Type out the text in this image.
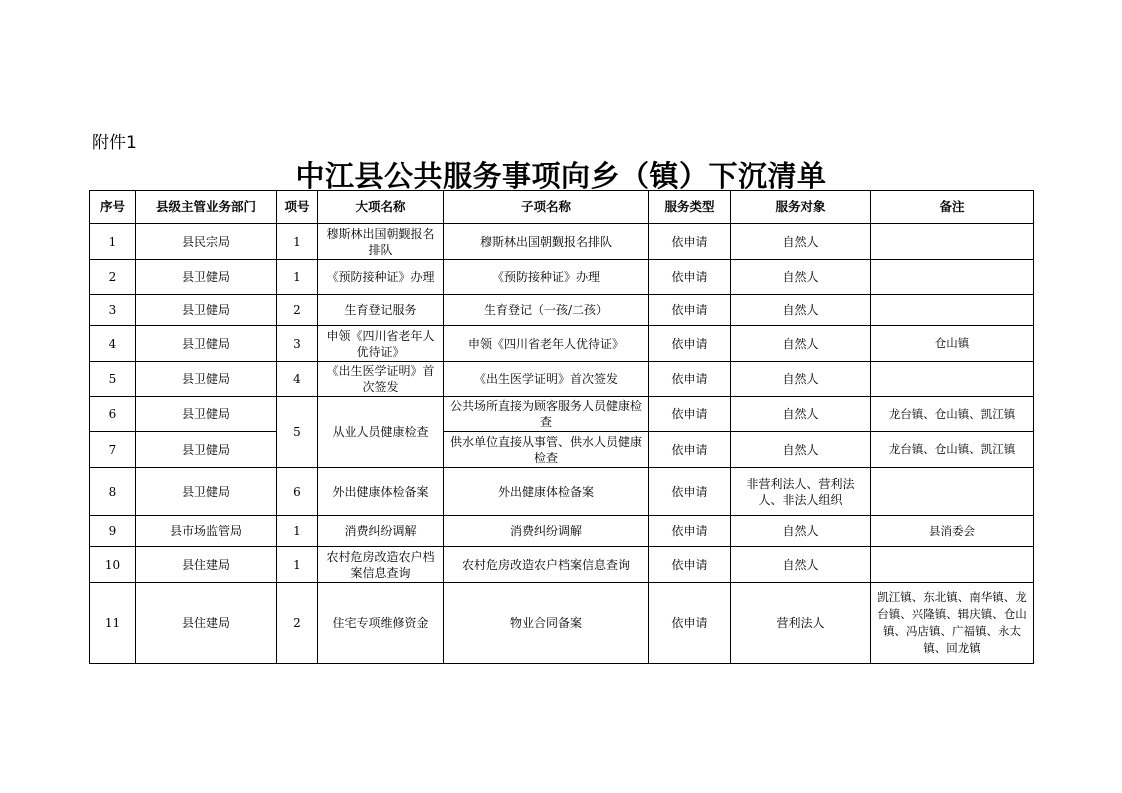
附件1
中江县公共服务事项向乡（镇）下沉清单
序号	县级主管业务部门	项号	大项名称	子项名称	服务类型	服务对象	备注
1	县民宗局	1	穆斯林出国朝觐报名排队	穆斯林出国朝觐报名排队	依申请	自然人	
2	县卫健局	1	《预防接种证》办理	《预防接种证》办理	依申请	自然人	
3	县卫健局	2	生育登记服务	生育登记（一孩/二孩）	依申请	自然人	
4	县卫健局	3	申领《四川省老年人优待证》	申领《四川省老年人优待证》	依申请	自然人	仓山镇
5	县卫健局	4	《出生医学证明》首次签发	《出生医学证明》首次签发	依申请	自然人	
6	县卫健局	5	从业人员健康检查	公共场所直接为顾客服务人员健康检查	依申请	自然人	龙台镇、仓山镇、凯江镇
7	县卫健局			供水单位直接从事管、供水人员健康检查	依申请	自然人	龙台镇、仓山镇、凯江镇
8	县卫健局	6	外出健康体检备案	外出健康体检备案	依申请	非营利法人、营利法人、非法人组织	
9	县市场监管局	1	消费纠纷调解	消费纠纷调解	依申请	自然人	县消委会
10	县住建局	1	农村危房改造农户档案信息查询	农村危房改造农户档案信息查询	依申请	自然人	
11	县住建局	2	住宅专项维修资金	物业合同备案	依申请	营利法人	凯江镇、东北镇、南华镇、龙台镇、兴隆镇、辑庆镇、仓山镇、冯店镇、广福镇、永太镇、回龙镇
